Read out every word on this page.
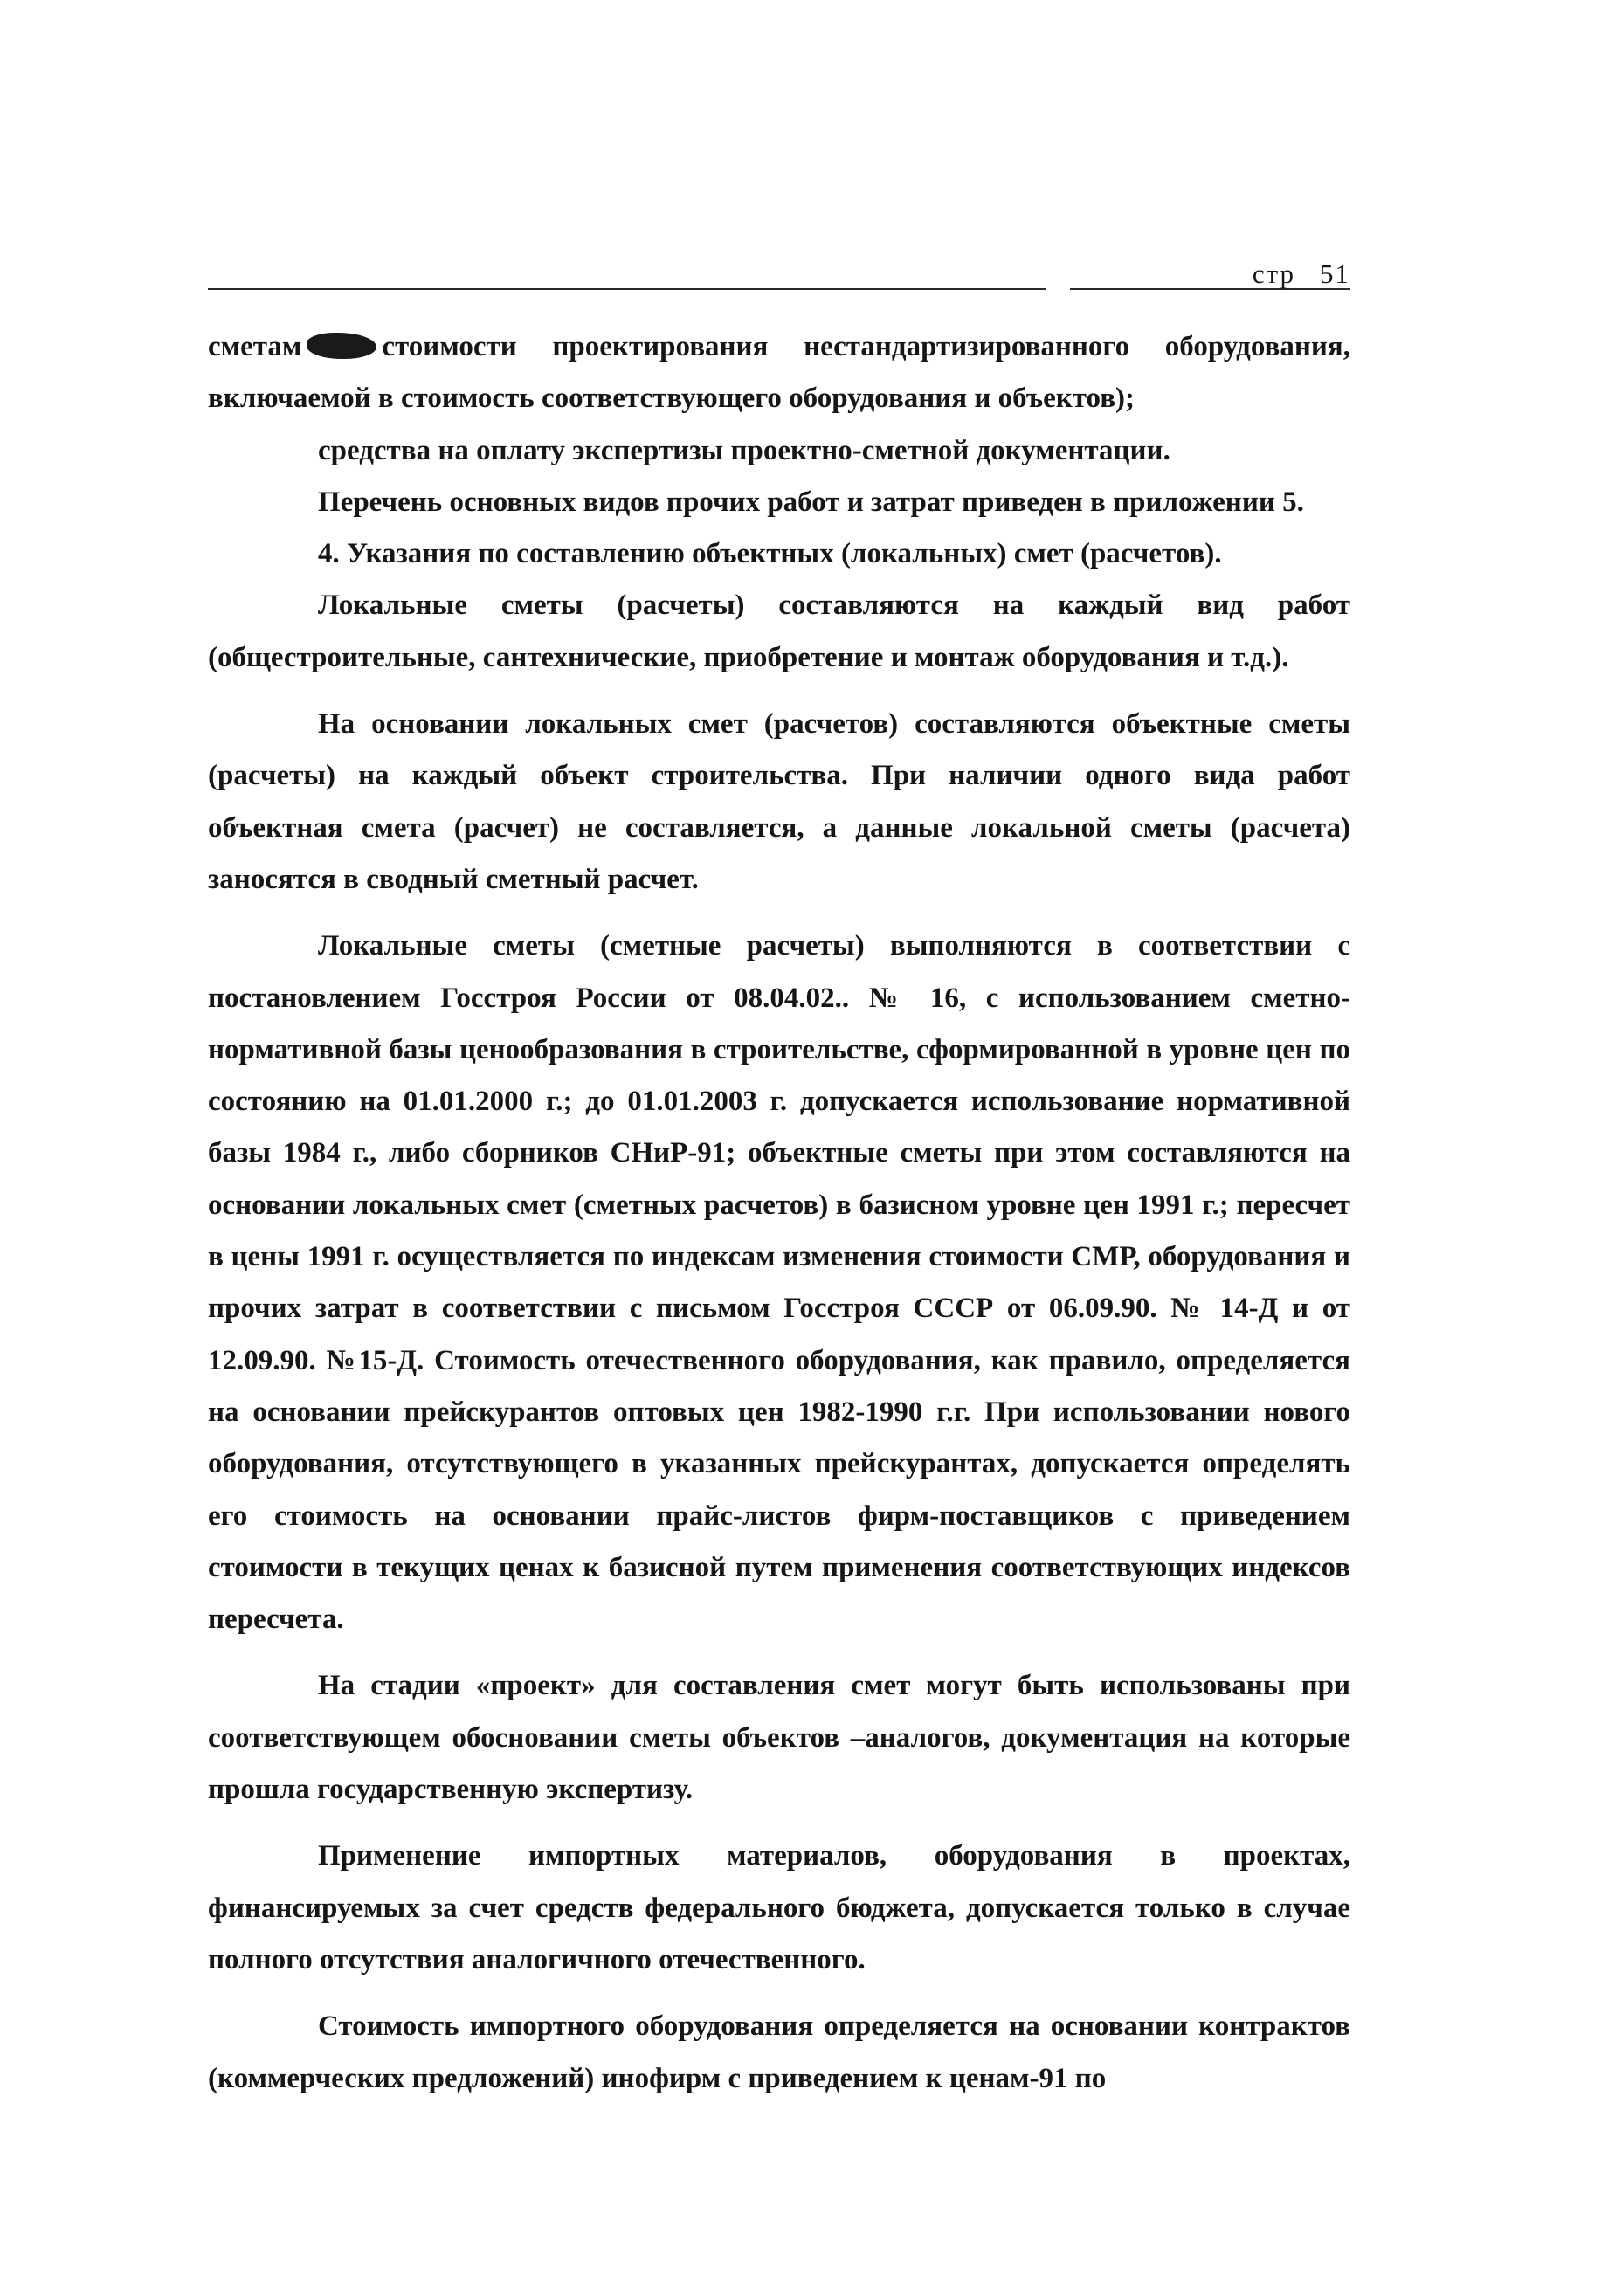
стр 51

сметам	стоимости проектирования нестандартизированного оборудования, включаемой в стоимость соответствующего оборудования и объектов);

средства на оплату экспертизы проектно-сметной документации.

Перечень основных видов прочих работ и затрат приведен в приложении 5.

4. Указания по составлению объектных (локальных) смет (расчетов).

Локальные сметы (расчеты) составляются на каждый вид работ (общестроительные, сантехнические, приобретение и монтаж оборудования и т.д.).

На основании локальных смет (расчетов) составляются объектные сметы (расчеты) на каждый объект строительства. При наличии одного вида работ объектная смета (расчет) не составляется, а данные локальной сметы (расчета) заносятся в сводный сметный расчет.

Локальные сметы (сметные расчеты) выполняются в соответствии с постановлением Госстроя России от 08.04.02.. № 16, с использованием сметно-нормативной базы ценообразования в строительстве, сформированной в уровне цен по состоянию на 01.01.2000 г.; до 01.01.2003 г. допускается использование нормативной базы 1984 г., либо сборников СНиР-91; объектные сметы при этом составляются на основании локальных смет (сметных расчетов) в базисном уровне цен 1991 г.; пересчет в цены 1991 г. осуществляется по индексам изменения стоимости СМР, оборудования и прочих затрат в соответствии с письмом Госстроя СССР от 06.09.90. № 14-Д и от 12.09.90. №15-Д. Стоимость отечественного оборудования, как правило, определяется на основании прейскурантов оптовых цен 1982-1990 г.г. При использовании нового оборудования, отсутствующего в указанных прейскурантах, допускается определять его стоимость на основании прайс-листов фирм-поставщиков с приведением стоимости в текущих ценах к базисной путем применения соответствующих индексов пересчета.

На стадии «проект» для составления смет могут быть использованы при соответствующем обосновании сметы объектов –аналогов, документация на которые прошла государственную экспертизу.

Применение импортных материалов, оборудования в проектах, финансируемых за счет средств федерального бюджета, допускается только в случае полного отсутствия аналогичного отечественного.

Стоимость импортного оборудования определяется на основании контрактов (коммерческих предложений) инофирм с приведением к ценам-91 по
